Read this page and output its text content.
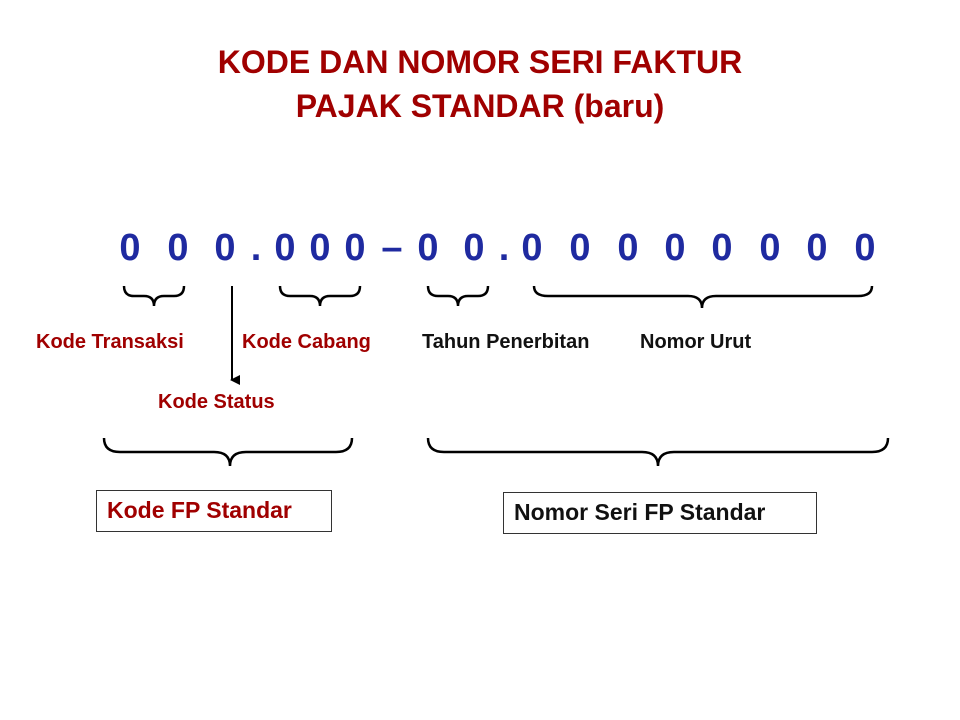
KODE DAN NOMOR SERI FAKTUR
PAJAK STANDAR (baru)
0 0 0 . 0 0 0 – 0 0 . 0 0 0 0 0 0 0 0
Kode Transaksi	Kode Cabang	Tahun Penerbitan	Nomor Urut
Kode Status
Kode FP Standar	Nomor Seri FP Standar
